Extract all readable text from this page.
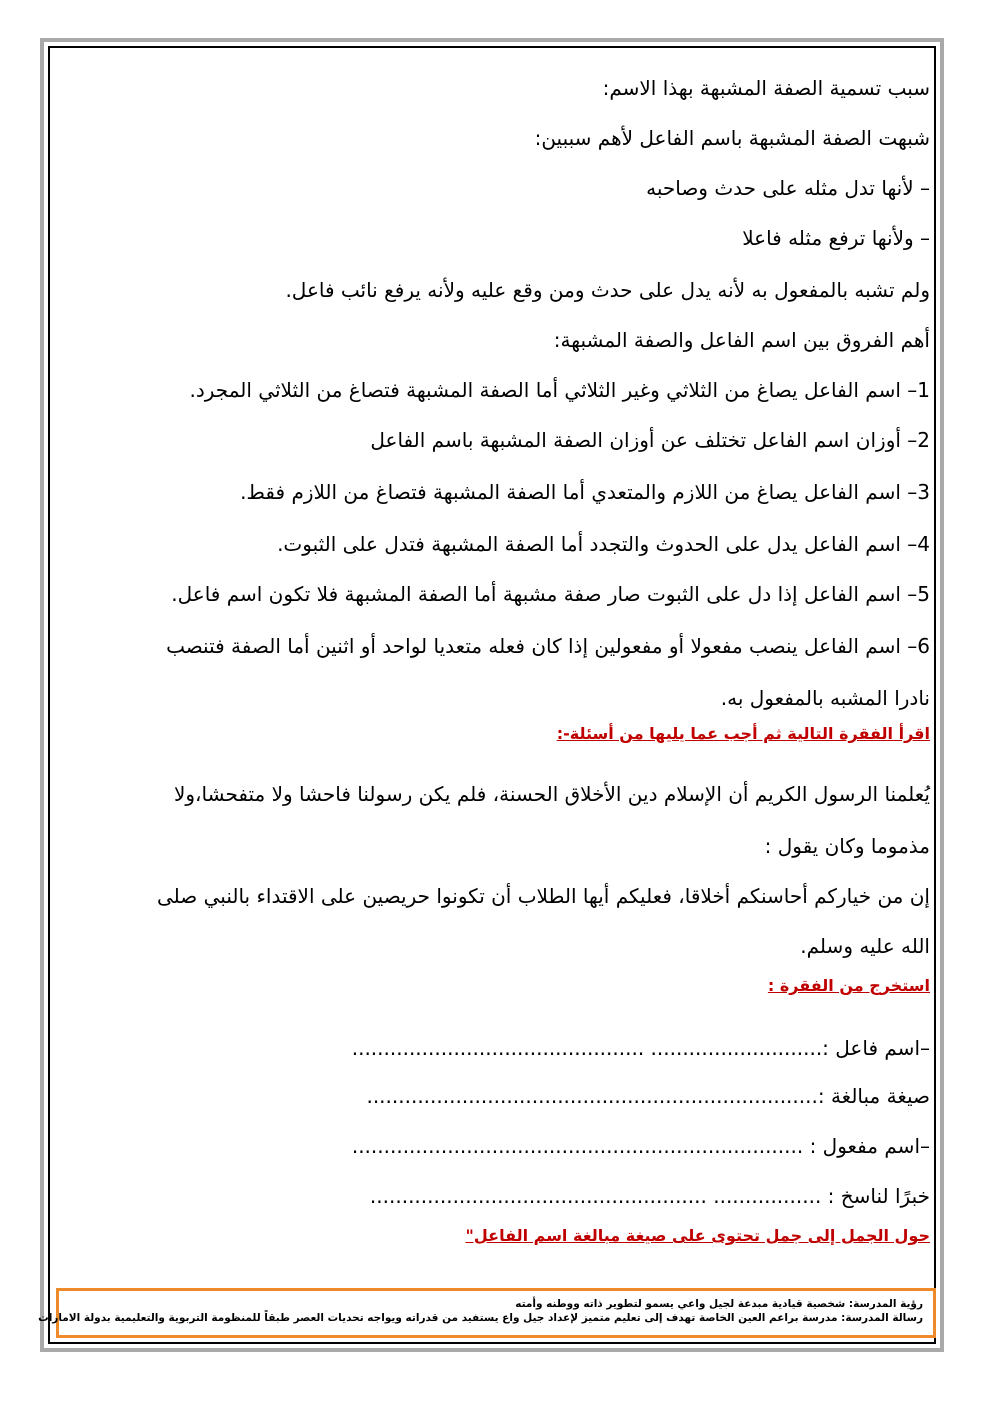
سبب تسمية الصفة المشبهة بهذا الاسم:
شبهت الصفة المشبهة باسم الفاعل لأهم سببين:
– لأنها تدل مثله على حدث وصاحبه
– ولأنها ترفع مثله فاعلا
ولم تشبه بالمفعول به لأنه يدل على حدث ومن وقع عليه ولأنه يرفع نائب فاعل.
أهم الفروق بين اسم الفاعل والصفة المشبهة:
1– اسم الفاعل يصاغ من الثلاثي وغير الثلاثي أما الصفة المشبهة فتصاغ من الثلاثي المجرد.
2– أوزان اسم الفاعل تختلف عن أوزان الصفة المشبهة باسم الفاعل
3– اسم الفاعل يصاغ من اللازم والمتعدي أما الصفة المشبهة فتصاغ من اللازم فقط.
4– اسم الفاعل يدل على الحدوث والتجدد أما الصفة المشبهة فتدل على الثبوت.
5– اسم الفاعل إذا دل على الثبوت صار صفة مشبهة أما الصفة المشبهة فلا تكون اسم فاعل.
6– اسم الفاعل ينصب مفعولا أو مفعولين إذا كان فعله متعديا لواحد أو اثنين أما الصفة فتنصب
نادرا المشبه بالمفعول به.
اقرأ الفقرة التالية ثم أجب عما يليها من أسئلة-:
يُعلمنا الرسول الكريم أن الإسلام دين الأخلاق الحسنة، فلم يكن رسولنا فاحشا ولا متفحشا،ولا
مذموما وكان يقول :
إن من خياركم أحاسنكم أخلاقا، فعليكم أيها الطلاب أن تكونوا حريصين على الاقتداء بالنبي صلى
الله عليه وسلم.
استخرج من الفقرة :
–اسم فاعل :........................... ..............................................
صيغة مبالغة :.......................................................................
–اسم مفعول : .......................................................................
خبرًا لناسخ : ................. .....................................................
حول الجمل إلى جمل تحتوى على صيغة مبالغة اسم الفاعل"
رؤية المدرسة: شخصية قيادية مبدعة لجيل واعي يسمو لتطوير ذاته ووطنه وأمته
رسالة المدرسة: مدرسة براعم العين الخاصة تهدف إلى تعليم متميز لإعداد جيل واع يستفيد من قدراته ويواجه تحديات العصر طبقاً للمنظومة التربوية والتعليمية بدولة الامارات
